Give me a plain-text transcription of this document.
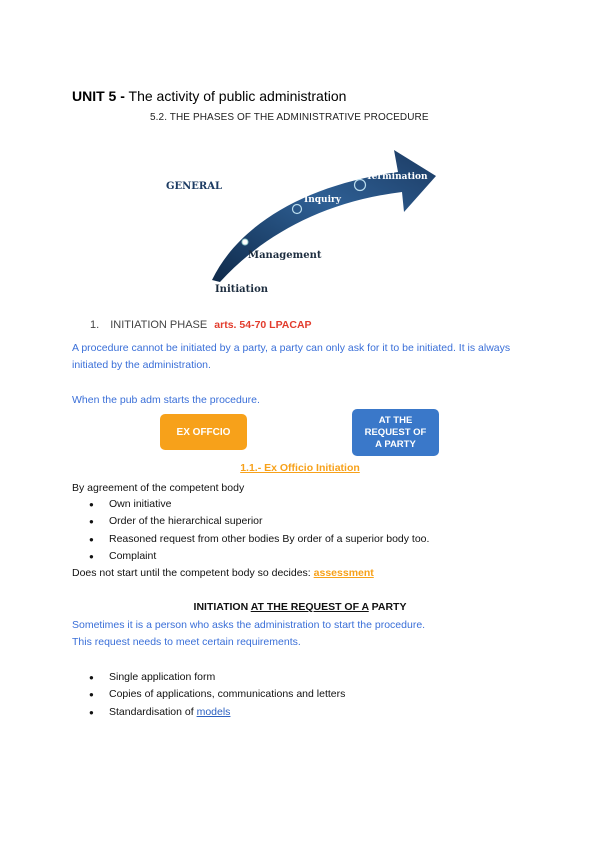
UNIT 5 - The activity of public administration
5.2. THE PHASES OF THE ADMINISTRATIVE PROCEDURE
GENERAL
Termination
Inquiry
Management
Initiation
1. INITIATION PHASE arts. 54-70 LPACAP
A procedure cannot be initiated by a party, a party can only ask for it to be initiated. It is always initiated by the administration.
When the pub adm starts the procedure.
EX OFFCIO
AT THE REQUEST OF A PARTY
1.1.- Ex Officio Initiation
By agreement of the competent body
● Own initiative
● Order of the hierarchical superior
● Reasoned request from other bodies By order of a superior body too.
● Complaint
Does not start until the competent body so decides: assessment
INITIATION AT THE REQUEST OF A PARTY
Sometimes it is a person who asks the administration to start the procedure.
This request needs to meet certain requirements.
● Single application form
● Copies of applications, communications and letters
● Standardisation of models
